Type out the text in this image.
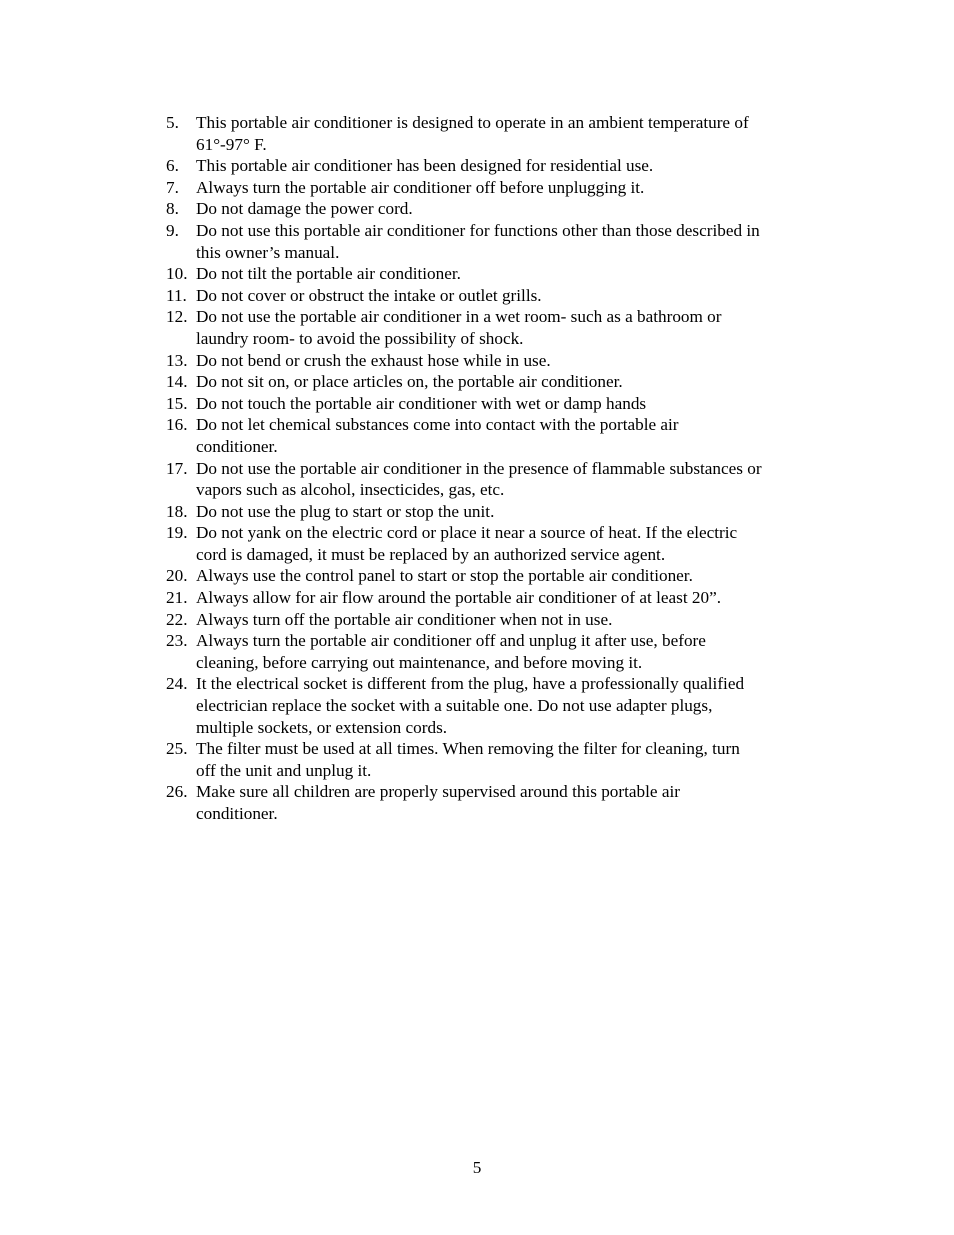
5. This portable air conditioner is designed to operate in an ambient temperature of
61°-97° F.
6. This portable air conditioner has been designed for residential use.
7. Always turn the portable air conditioner off before unplugging it.
8. Do not damage the power cord.
9. Do not use this portable air conditioner for functions other than those described in
this owner’s manual.
10. Do not tilt the portable air conditioner.
11. Do not cover or obstruct the intake or outlet grills.
12. Do not use the portable air conditioner in a wet room- such as a bathroom or
laundry room- to avoid the possibility of shock.
13. Do not bend or crush the exhaust hose while in use.
14. Do not sit on, or place articles on, the portable air conditioner.
15. Do not touch the portable air conditioner with wet or damp hands
16. Do not let chemical substances come into contact with the portable air
conditioner.
17. Do not use the portable air conditioner in the presence of flammable substances or
vapors such as alcohol, insecticides, gas, etc.
18. Do not use the plug to start or stop the unit.
19. Do not yank on the electric cord or place it near a source of heat. If the electric
cord is damaged, it must be replaced by an authorized service agent.
20. Always use the control panel to start or stop the portable air conditioner.
21. Always allow for air flow around the portable air conditioner of at least 20”.
22. Always turn off the portable air conditioner when not in use.
23. Always turn the portable air conditioner off and unplug it after use, before
cleaning, before carrying out maintenance, and before moving it.
24. It the electrical socket is different from the plug, have a professionally qualified
electrician replace the socket with a suitable one. Do not use adapter plugs,
multiple sockets, or extension cords.
25. The filter must be used at all times. When removing the filter for cleaning, turn
off the unit and unplug it.
26. Make sure all children are properly supervised around this portable air
conditioner.
5
